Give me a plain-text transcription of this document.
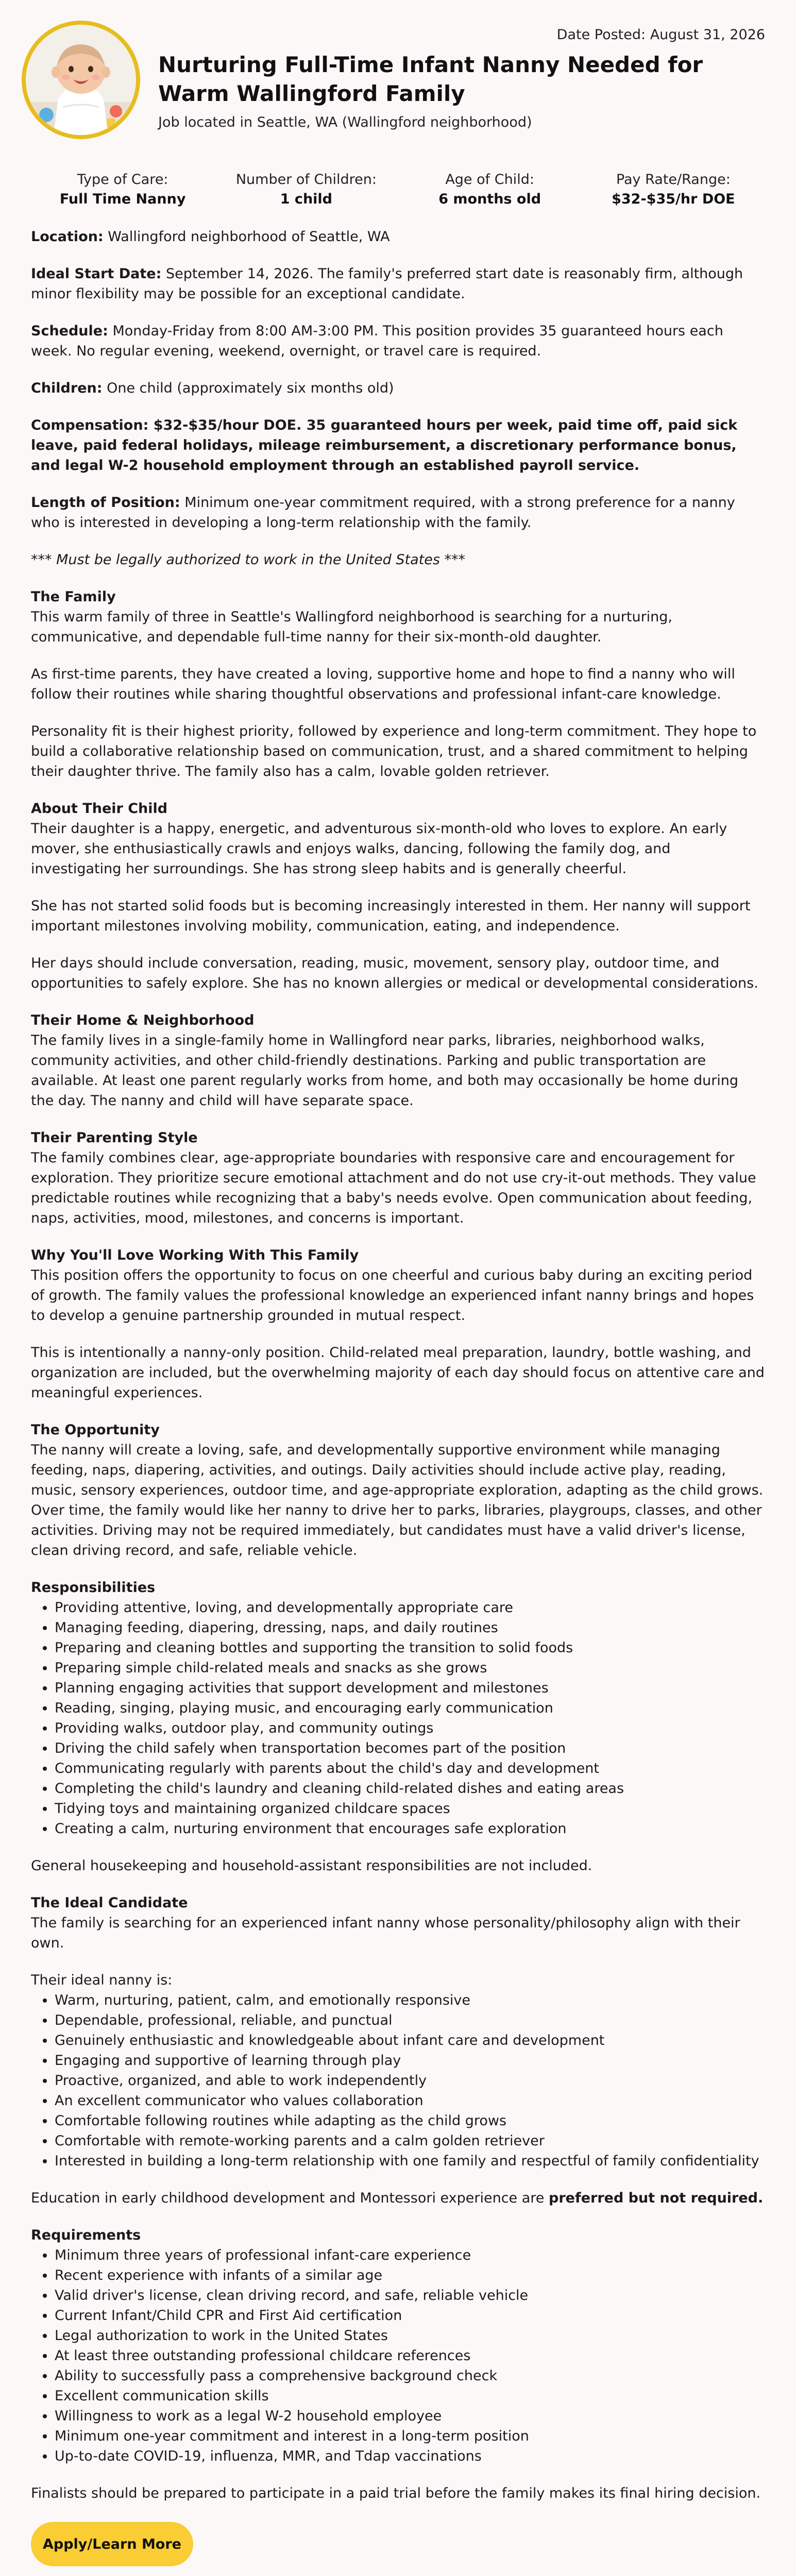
Date Posted: August 31, 2026
Nurturing Full-Time Infant Nanny Needed for Warm Wallingford Family
Job located in Seattle, WA (Wallingford neighborhood)
Type of Care:
Full Time Nanny
Number of Children:
1 child
Age of Child:
6 months old
Pay Rate/Range:
$32-$35/hr DOE

Location: Wallingford neighborhood of Seattle, WA

Ideal Start Date: September 14, 2026. The family's preferred start date is reasonably firm, although minor flexibility may be possible for an exceptional candidate.

Schedule: Monday-Friday from 8:00 AM-3:00 PM. This position provides 35 guaranteed hours each week. No regular evening, weekend, overnight, or travel care is required.

Children: One child (approximately six months old)

Compensation: $32-$35/hour DOE. 35 guaranteed hours per week, paid time off, paid sick leave, paid federal holidays, mileage reimbursement, a discretionary performance bonus, and legal W-2 household employment through an established payroll service.

Length of Position: Minimum one-year commitment required, with a strong preference for a nanny who is interested in developing a long-term relationship with the family.

*** Must be legally authorized to work in the United States ***

The Family

This warm family of three in Seattle's Wallingford neighborhood is searching for a nurturing, communicative, and dependable full-time nanny for their six-month-old daughter.

As first-time parents, they have created a loving, supportive home and hope to find a nanny who will follow their routines while sharing thoughtful observations and professional infant-care knowledge.

Personality fit is their highest priority, followed by experience and long-term commitment. They hope to build a collaborative relationship based on communication, trust, and a shared commitment to helping their daughter thrive. The family also has a calm, lovable golden retriever.

About Their Child

Their daughter is a happy, energetic, and adventurous six-month-old who loves to explore. An early mover, she enthusiastically crawls and enjoys walks, dancing, following the family dog, and investigating her surroundings. She has strong sleep habits and is generally cheerful.

She has not started solid foods but is becoming increasingly interested in them. Her nanny will support important milestones involving mobility, communication, eating, and independence.

Her days should include conversation, reading, music, movement, sensory play, outdoor time, and opportunities to safely explore. She has no known allergies or medical or developmental considerations.

Their Home & Neighborhood

The family lives in a single-family home in Wallingford near parks, libraries, neighborhood walks, community activities, and other child-friendly destinations. Parking and public transportation are available. At least one parent regularly works from home, and both may occasionally be home during the day. The nanny and child will have separate space.

Their Parenting Style

The family combines clear, age-appropriate boundaries with responsive care and encouragement for exploration. They prioritize secure emotional attachment and do not use cry-it-out methods. They value predictable routines while recognizing that a baby's needs evolve. Open communication about feeding, naps, activities, mood, milestones, and concerns is important.

Why You'll Love Working With This Family

This position offers the opportunity to focus on one cheerful and curious baby during an exciting period of growth. The family values the professional knowledge an experienced infant nanny brings and hopes to develop a genuine partnership grounded in mutual respect.

This is intentionally a nanny-only position. Child-related meal preparation, laundry, bottle washing, and organization are included, but the overwhelming majority of each day should focus on attentive care and meaningful experiences.

The Opportunity

The nanny will create a loving, safe, and developmentally supportive environment while managing feeding, naps, diapering, activities, and outings. Daily activities should include active play, reading, music, sensory experiences, outdoor time, and age-appropriate exploration, adapting as the child grows. Over time, the family would like her nanny to drive her to parks, libraries, playgroups, classes, and other activities. Driving may not be required immediately, but candidates must have a valid driver's license, clean driving record, and safe, reliable vehicle.

Responsibilities
• Providing attentive, loving, and developmentally appropriate care
• Managing feeding, diapering, dressing, naps, and daily routines
• Preparing and cleaning bottles and supporting the transition to solid foods
• Preparing simple child-related meals and snacks as she grows
• Planning engaging activities that support development and milestones
• Reading, singing, playing music, and encouraging early communication
• Providing walks, outdoor play, and community outings
• Driving the child safely when transportation becomes part of the position
• Communicating regularly with parents about the child's day and development
• Completing the child's laundry and cleaning child-related dishes and eating areas
• Tidying toys and maintaining organized childcare spaces
• Creating a calm, nurturing environment that encourages safe exploration

General housekeeping and household-assistant responsibilities are not included.

The Ideal Candidate

The family is searching for an experienced infant nanny whose personality/philosophy align with their own.

Their ideal nanny is:

• Warm, nurturing, patient, calm, and emotionally responsive
• Dependable, professional, reliable, and punctual
• Genuinely enthusiastic and knowledgeable about infant care and development
• Engaging and supportive of learning through play
• Proactive, organized, and able to work independently
• An excellent communicator who values collaboration
• Comfortable following routines while adapting as the child grows
• Comfortable with remote-working parents and a calm golden retriever
• Interested in building a long-term relationship with one family and respectful of family confidentiality

Education in early childhood development and Montessori experience are preferred but not required.

Requirements
• Minimum three years of professional infant-care experience
• Recent experience with infants of a similar age
• Valid driver's license, clean driving record, and safe, reliable vehicle
• Current Infant/Child CPR and First Aid certification
• Legal authorization to work in the United States
• At least three outstanding professional childcare references
• Ability to successfully pass a comprehensive background check
• Excellent communication skills
• Willingness to work as a legal W-2 household employee
• Minimum one-year commitment and interest in a long-term position
• Up-to-date COVID-19, influenza, MMR, and Tdap vaccinations

Finalists should be prepared to participate in a paid trial before the family makes its final hiring decision.

Apply/Learn More
